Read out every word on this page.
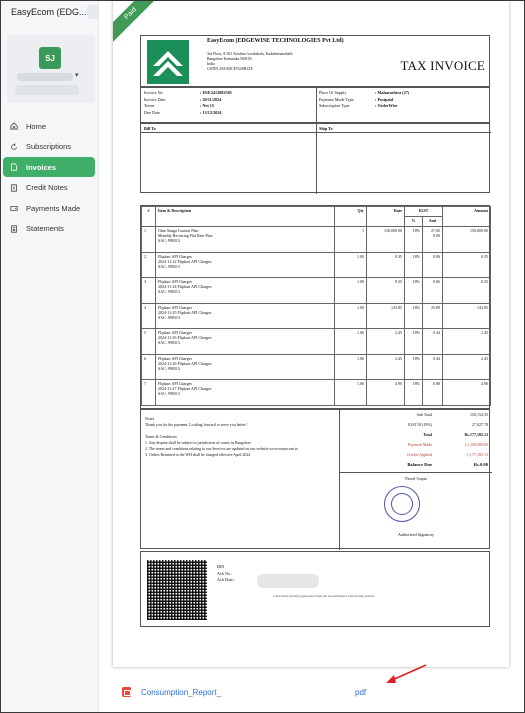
EasyEcom (EDG...
SJ
▾
Home
Subscriptions
Invoices
Credit Notes
Payments Made
Statements
Paid
EasyEcom (EDGEWISE TECHNOLOGIES Pvt Ltd)
3rd Floor, A-021 Krishna Gorakshala, Kadubeesanahalli
Bangalore Karnataka 560103
India
GSTIN 29AADCE5540H1ZE	TAX INVOICE
Invoice No	: EEE2412002503
Invoice Date	: 20/11/2024
Terms	: Net 15
Due Date	: 13/12/2024
Place Of Supply	: Maharashtra (27)
Payment Mode Type	: Postpaid
Subscription Type	: OrderWise
Bill To	Ship To
#	Item & Description	Qty	Rate	IGST		Amount
				%	Amt	
1	Ghar Sauga Custom Plan
Monthly Recurring Flat Rate Plan
SAC: 998313	1	150,000.00	18%	27,00 0.00	150,000.00
2	Flipkart API Charges
2024-11-22 Flipkart API Charges
SAC: 998313	1.00	0.35	18%	0.06	0.35
3	Flipkart API Charges
2024-11-24 Flipkart API Charges
SAC: 998313	1.00	0.35	18%	0.06	0.35
4	Flipkart API Charges
2024-11-25 Flipkart API Charges
SAC: 998313	1.00	143.85	18%	25.89	143.85
5	Flipkart API Charges
2024-11-26 Flipkart API Charges
SAC: 998313	1.00	2.45	18%	0.44	2.45
6	Flipkart API Charges
2024-11-26 Flipkart API Charges
SAC: 998313	1.00	2.45	18%	0.44	2.45
7	Flipkart API Charges
2024-11-27 Flipkart API Charges
SAC: 998313	1.00	4.90	18%	0.88	4.90
Notes
Thank you for the payment. Looking forward to serve you better!
Terms & Conditions
1. Any dispute shall be subject to jurisdiction of courts in Bangalore
2. The terms and conditions relating to our Services are updated on our website www.easyecom.io
3. Orders Returned to the WH shall be charged effective April 2024
Sub Total	150,154.35
IGST18 (18%)	27,027.78
Total	Rs.177,182.13
Payment Made	(-) 100,000.00
Credits Applied	(-) 77,182.13
Balance Due	Rs.0.00
Pawel Gupta
Authorized Signatory
IRN
Ack No :
Ack Date :
e-Invoicing detail(s) generated from the Government's e-Invoicing system.
Consumption_Report_	pdf
